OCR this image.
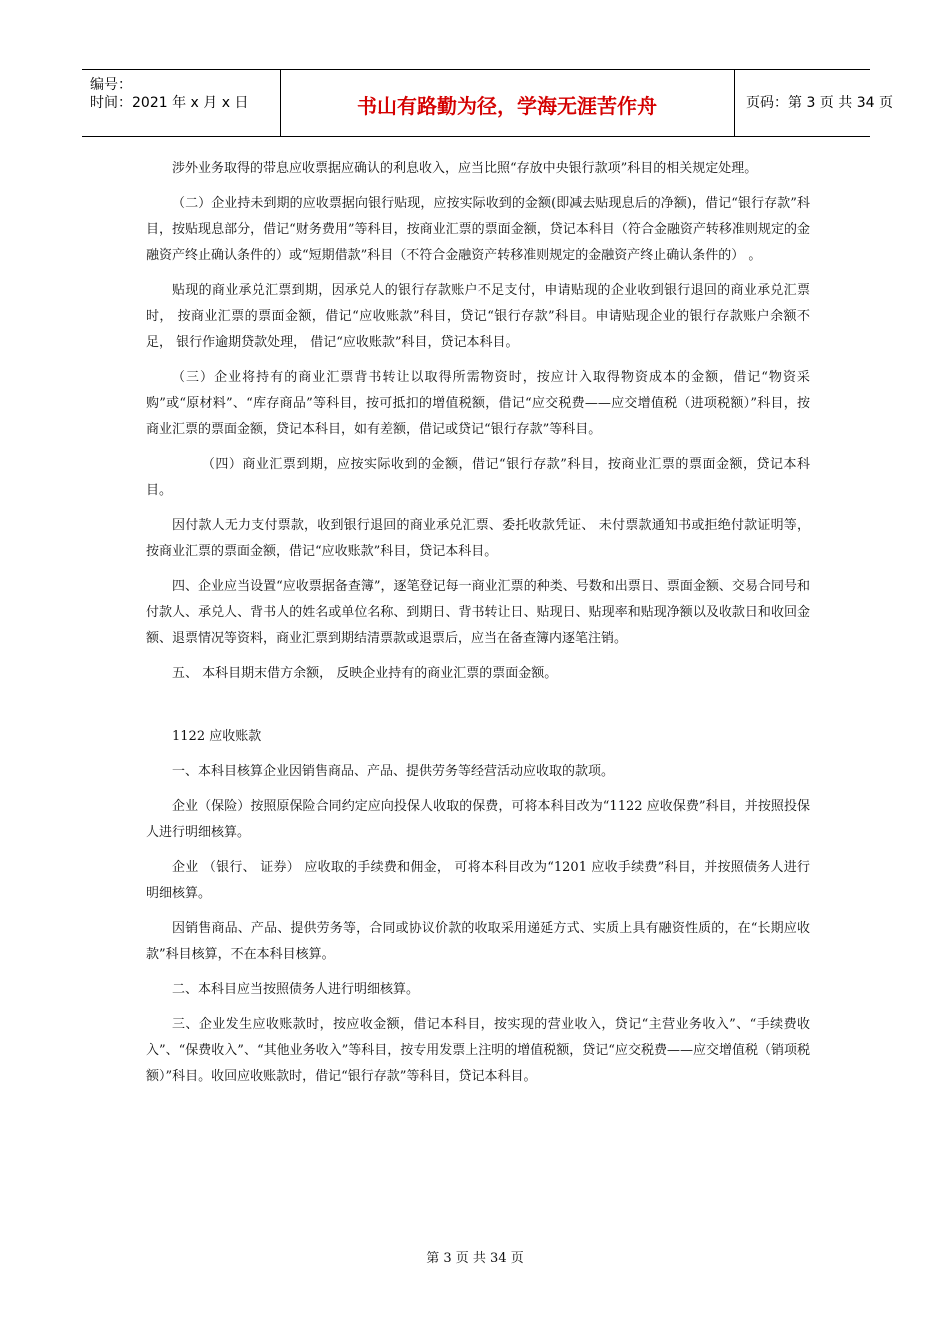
编号：
时间：2021 年 x 月 x 日	书山有路勤为径，学海无涯苦作舟	页码：第 3 页 共 34 页

涉外业务取得的带息应收票据应确认的利息收入，应当比照“存放中央银行款项”科目的相关规定处理。

（二）企业持未到期的应收票据向银行贴现，应按实际收到的金额(即减去贴现息后的净额)，借记“银行存款”科目，按贴现息部分，借记“财务费用”等科目，按商业汇票的票面金额，贷记本科目（符合金融资产转移准则规定的金融资产终止确认条件的）或“短期借款”科目（不符合金融资产转移准则规定的金融资产终止确认条件的） 。

贴现的商业承兑汇票到期，因承兑人的银行存款账户不足支付，申请贴现的企业收到银行退回的商业承兑汇票时， 按商业汇票的票面金额，借记“应收账款”科目，贷记“银行存款”科目。申请贴现企业的银行存款账户余额不足， 银行作逾期贷款处理， 借记“应收账款”科目，贷记本科目。

（三）企业将持有的商业汇票背书转让以取得所需物资时，按应计入取得物资成本的金额，借记“物资采购”或“原材料”、“库存商品”等科目，按可抵扣的增值税额，借记“应交税费——应交增值税（进项税额）”科目，按商业汇票的票面金额，贷记本科目，如有差额，借记或贷记“银行存款”等科目。

（四）商业汇票到期，应按实际收到的金额，借记“银行存款”科目，按商业汇票的票面金额，贷记本科目。

因付款人无力支付票款，收到银行退回的商业承兑汇票、委托收款凭证、 未付票款通知书或拒绝付款证明等， 按商业汇票的票面金额，借记“应收账款”科目，贷记本科目。

四、企业应当设置“应收票据备查簿”，逐笔登记每一商业汇票的种类、号数和出票日、票面金额、交易合同号和付款人、承兑人、背书人的姓名或单位名称、到期日、背书转让日、贴现日、贴现率和贴现净额以及收款日和收回金额、退票情况等资料，商业汇票到期结清票款或退票后，应当在备查簿内逐笔注销。

五、 本科目期末借方余额， 反映企业持有的商业汇票的票面金额。

1122 应收账款

一、本科目核算企业因销售商品、产品、提供劳务等经营活动应收取的款项。

企业（保险）按照原保险合同约定应向投保人收取的保费，可将本科目改为“1122 应收保费”科目，并按照投保人进行明细核算。

企业 （银行、 证券） 应收取的手续费和佣金， 可将本科目改为“1201 应收手续费”科目，并按照债务人进行明细核算。

因销售商品、产品、提供劳务等，合同或协议价款的收取采用递延方式、实质上具有融资性质的，在“长期应收款”科目核算，不在本科目核算。

二、本科目应当按照债务人进行明细核算。

三、企业发生应收账款时，按应收金额，借记本科目，按实现的营业收入，贷记“主营业务收入”、“手续费收入”、“保费收入”、“其他业务收入”等科目，按专用发票上注明的增值税额，贷记“应交税费——应交增值税（销项税额）”科目。收回应收账款时，借记“银行存款”等科目，贷记本科目。

第 3 页 共 34 页
